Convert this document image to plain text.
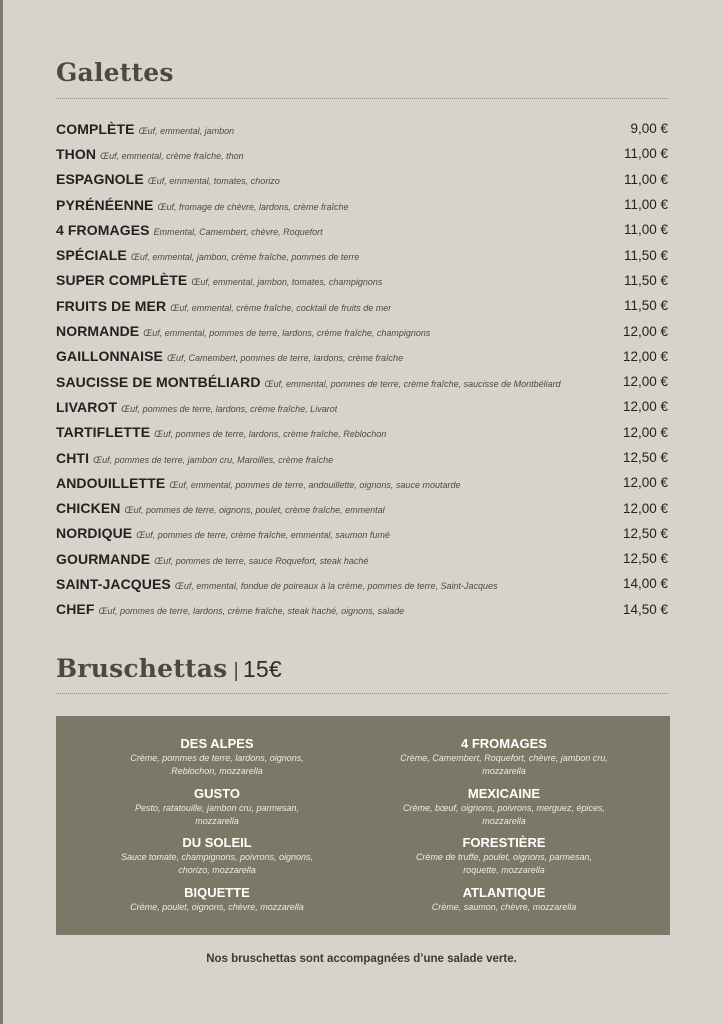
Galettes
COMPLÈTE Œuf, emmental, jambon	9,00 €
THON Œuf, emmental, crème fraîche, thon	11,00 €
ESPAGNOLE Œuf, emmental, tomates, chorizo	11,00 €
PYRÉNÉENNE Œuf, fromage de chèvre, lardons, crème fraîche	11,00 €
4 FROMAGES Emmental, Camembert, chèvre, Roquefort	11,00 €
SPÉCIALE Œuf, emmental, jambon, crème fraîche, pommes de terre	11,50 €
SUPER COMPLÈTE Œuf, emmental, jambon, tomates, champignons	11,50 €
FRUITS DE MER Œuf, emmental, crème fraîche, cocktail de fruits de mer	11,50 €
NORMANDE Œuf, emmental, pommes de terre, lardons, crème fraîche, champignons	12,00 €
GAILLONNAISE Œuf, Camembert, pommes de terre, lardons, crème fraîche	12,00 €
SAUCISSE DE MONTBÉLIARD Œuf, emmental, pommes de terre, crème fraîche, saucisse de Montbéliard	12,00 €
LIVAROT Œuf, pommes de terre, lardons, crème fraîche, Livarot	12,00 €
TARTIFLETTE Œuf, pommes de terre, lardons, crème fraîche, Reblochon	12,00 €
CHTI Œuf, pommes de terre, jambon cru, Maroilles, crème fraîche	12,50 €
ANDOUILLETTE Œuf, emmental, pommes de terre, andouillette, oignons, sauce moutarde	12,00 €
CHICKEN Œuf, pommes de terre, oignons, poulet, crème fraîche, emmental	12,00 €
NORDIQUE Œuf, pommes de terre, crème fraîche, emmental, saumon fumé	12,50 €
GOURMANDE Œuf, pommes de terre, sauce Roquefort, steak haché	12,50 €
SAINT-JACQUES Œuf, emmental, fondue de poireaux à la crème, pommes de terre, Saint-Jacques	14,00 €
CHEF Œuf, pommes de terre, lardons, crème fraîche, steak haché, oignons, salade	14,50 €
Bruschettas | 15€
DES ALPES
Crème, pommes de terre, lardons, oignons, Reblochon, mozzarella
GUSTO
Pesto, ratatouille, jambon cru, parmesan, mozzarella
DU SOLEIL
Sauce tomate, champignons, poivrons, oignons, chorizo, mozzarella
BIQUETTE
Crème, poulet, oignons, chèvre, mozzarella
4 FROMAGES
Crème, Camembert, Roquefort, chèvre, jambon cru, mozzarella
MEXICAINE
Crème, bœuf, oignons, poivrons, merguez, épices, mozzarella
FORESTIÈRE
Crème de truffe, poulet, oignons, parmesan, roquette, mozzarella
ATLANTIQUE
Crème, saumon, chèvre, mozzarella
Nos bruschettas sont accompagnées d’une salade verte.
